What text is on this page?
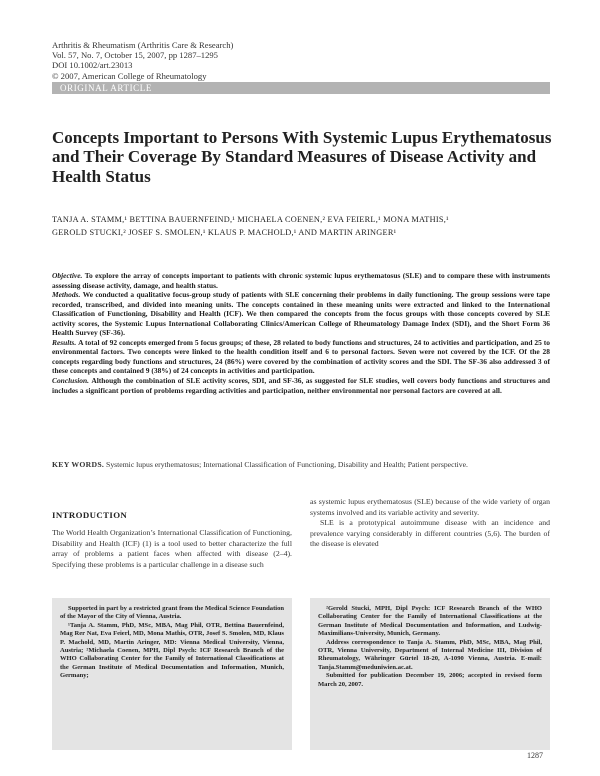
Arthritis & Rheumatism (Arthritis Care & Research)
Vol. 57, No. 7, October 15, 2007, pp 1287–1295
DOI 10.1002/art.23013
© 2007, American College of Rheumatology
ORIGINAL ARTICLE
Concepts Important to Persons With Systemic Lupus Erythematosus and Their Coverage By Standard Measures of Disease Activity and Health Status
TANJA A. STAMM,¹ BETTINA BAUERNFEIND,¹ MICHAELA COENEN,² EVA FEIERL,¹ MONA MATHIS,¹
GEROLD STUCKI,² JOSEF S. SMOLEN,¹ KLAUS P. MACHOLD,¹ AND MARTIN ARINGER¹

Objective. To explore the array of concepts important to patients with chronic systemic lupus erythematosus (SLE) and to compare these with instruments assessing disease activity, damage, and health status.

Methods. We conducted a qualitative focus-group study of patients with SLE concerning their problems in daily functioning. The group sessions were tape recorded, transcribed, and divided into meaning units. The concepts contained in these meaning units were extracted and linked to the International Classification of Functioning, Disability and Health (ICF). We then compared the concepts from the focus groups with those concepts covered by SLE activity scores, the Systemic Lupus International Collaborating Clinics/American College of Rheumatology Damage Index (SDI), and the Short Form 36 Health Survey (SF-36).

Results. A total of 92 concepts emerged from 5 focus groups; of these, 28 related to body functions and structures, 24 to activities and participation, and 25 to environmental factors. Two concepts were linked to the health condition itself and 6 to personal factors. Seven were not covered by the ICF. Of the 28 concepts regarding body functions and structures, 24 (86%) were covered by the combination of activity scores and the SDI. The SF-36 also addressed 3 of these concepts and contained 9 (38%) of 24 concepts in activities and participation.

Conclusion. Although the combination of SLE activity scores, SDI, and SF-36, as suggested for SLE studies, well covers body functions and structures and includes a significant portion of problems regarding activities and participation, neither environmental nor personal factors are covered at all.

KEY WORDS. Systemic lupus erythematosus; International Classification of Functioning, Disability and Health; Patient perspective.
INTRODUCTION

The World Health Organization’s International Classification of Functioning, Disability and Health (ICF) (1) is a tool used to better characterize the full array of problems a patient faces when affected with disease (2–4). Specifying these problems is a particular challenge in a disease such

as systemic lupus erythematosus (SLE) because of the wide variety of organ systems involved and its variable activity and severity.

SLE is a prototypical autoimmune disease with an incidence and prevalence varying considerably in different countries (5,6). The burden of the disease is elevated

Supported in part by a restricted grant from the Medical Science Foundation of the Mayor of the City of Vienna, Austria.

¹Tanja A. Stamm, PhD, MSc, MBA, Mag Phil, OTR, Bettina Bauernfeind, Mag Rer Nat, Eva Feierl, MD, Mona Mathis, OTR, Josef S. Smolen, MD, Klaus P. Machold, MD, Martin Aringer, MD: Vienna Medical University, Vienna, Austria; ²Michaela Coenen, MPH, Dipl Psych: ICF Research Branch of the WHO Collaborating Center for the Family of International Classifications at the German Institute of Medical Documentation and Information, Munich, Germany;

²Gerold Stucki, MPH, Dipl Psych: ICF Research Branch of the WHO Collaborating Center for the Family of International Classifications at the German Institute of Medical Documentation and Information, and Ludwig-Maximilians-University, Munich, Germany.

Address correspondence to Tanja A. Stamm, PhD, MSc, MBA, Mag Phil, OTR, Vienna University, Department of Internal Medicine III, Division of Rheumatology, Währinger Gürtel 18-20, A-1090 Vienna, Austria. E-mail: Tanja.Stamm@meduniwien.ac.at.

Submitted for publication December 19, 2006; accepted in revised form March 20, 2007.

1287
